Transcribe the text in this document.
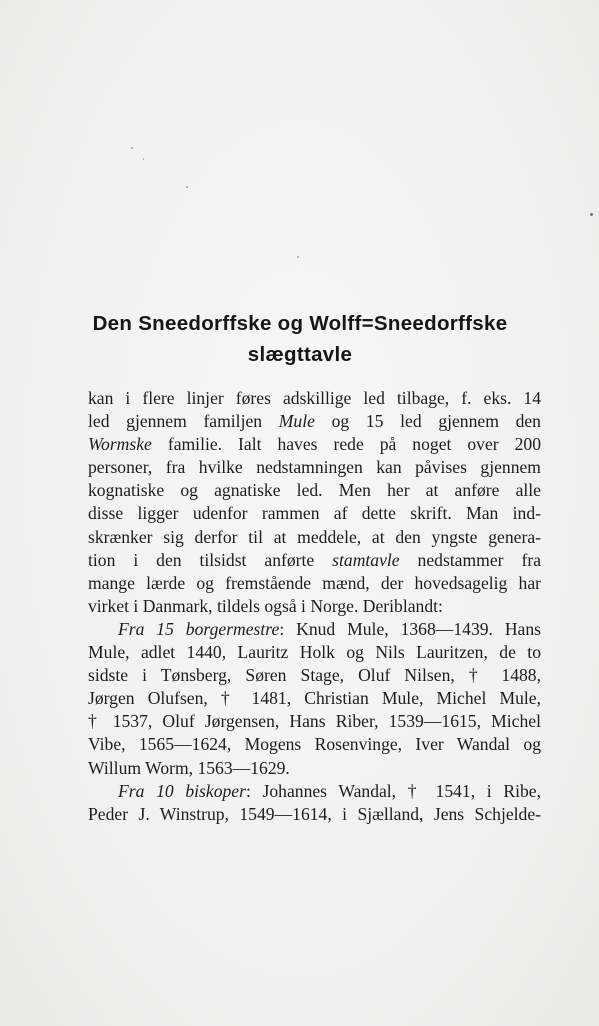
Den Sneedorffske og Wolff=Sneedorffske
slægttavle
kan i flere linjer føres adskillige led tilbage, f. eks. 14
led gjennem familjen Mule og 15 led gjennem den
Wormske familie. Ialt haves rede på noget over 200
personer, fra hvilke nedstamningen kan påvises gjennem
kognatiske og agnatiske led. Men her at anføre alle
disse ligger udenfor rammen af dette skrift. Man ind-
skrænker sig derfor til at meddele, at den yngste genera-
tion i den tilsidst anførte stamtavle nedstammer fra
mange lærde og fremstående mænd, der hovedsagelig har
virket i Danmark, tildels også i Norge. Deriblandt:
Fra 15 borgermestre: Knud Mule, 1368—1439. Hans
Mule, adlet 1440, Lauritz Holk og Nils Lauritzen, de to
sidste i Tønsberg, Søren Stage, Oluf Nilsen, † 1488,
Jørgen Olufsen, † 1481, Christian Mule, Michel Mule,
† 1537, Oluf Jørgensen, Hans Riber, 1539—1615, Michel
Vibe, 1565—1624, Mogens Rosenvinge, Iver Wandal og
Willum Worm, 1563—1629.
Fra 10 biskoper: Johannes Wandal, † 1541, i Ribe,
Peder J. Winstrup, 1549—1614, i Sjælland, Jens Schjelde-
